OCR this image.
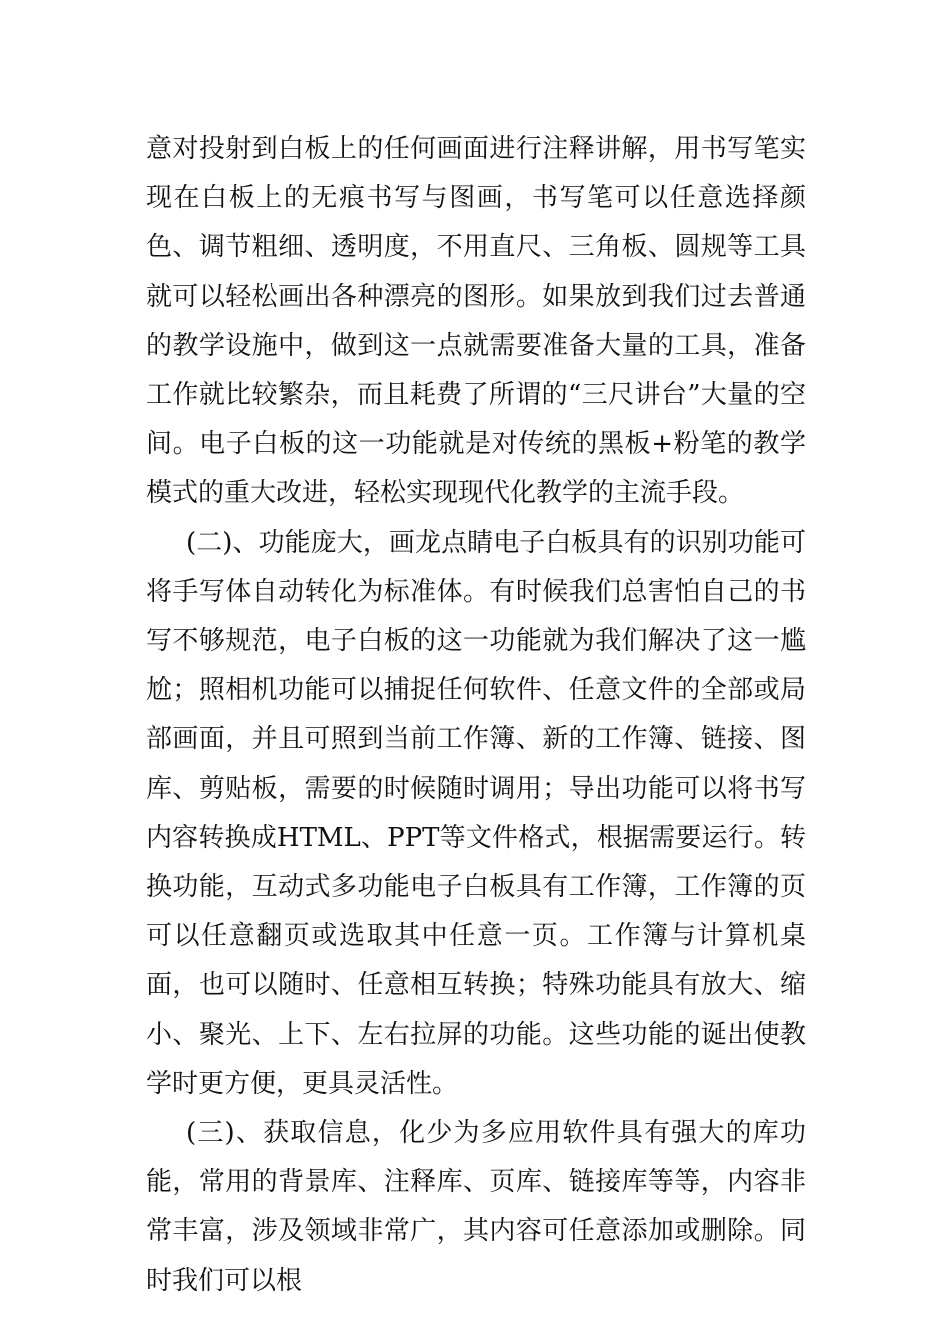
意对投射到白板上的任何画面进行注释讲解，用书写笔实现在白板上的无痕书写与图画，书写笔可以任意选择颜色、调节粗细、透明度，不用直尺、三角板、圆规等工具就可以轻松画出各种漂亮的图形。如果放到我们过去普通的教学设施中，做到这一点就需要准备大量的工具，准备工作就比较繁杂，而且耗费了所谓的“三尺讲台”大量的空间。电子白板的这一功能就是对传统的黑板+粉笔的教学模式的重大改进，轻松实现现代化教学的主流手段。

(二)、功能庞大，画龙点睛电子白板具有的识别功能可将手写体自动转化为标准体。有时候我们总害怕自己的书写不够规范，电子白板的这一功能就为我们解决了这一尴尬；照相机功能可以捕捉任何软件、任意文件的全部或局部画面，并且可照到当前工作簿、新的工作簿、链接、图库、剪贴板，需要的时候随时调用；导出功能可以将书写内容转换成HTML、PPT等文件格式，根据需要运行。转换功能，互动式多功能电子白板具有工作簿，工作簿的页可以任意翻页或选取其中任意一页。工作簿与计算机桌面，也可以随时、任意相互转换；特殊功能具有放大、缩小、聚光、上下、左右拉屏的功能。这些功能的诞出使教学时更方便，更具灵活性。

(三)、获取信息，化少为多应用软件具有强大的库功能，常用的背景库、注释库、页库、链接库等等，内容非常丰富，涉及领域非常广，其内容可任意添加或删除。同时我们可以根
